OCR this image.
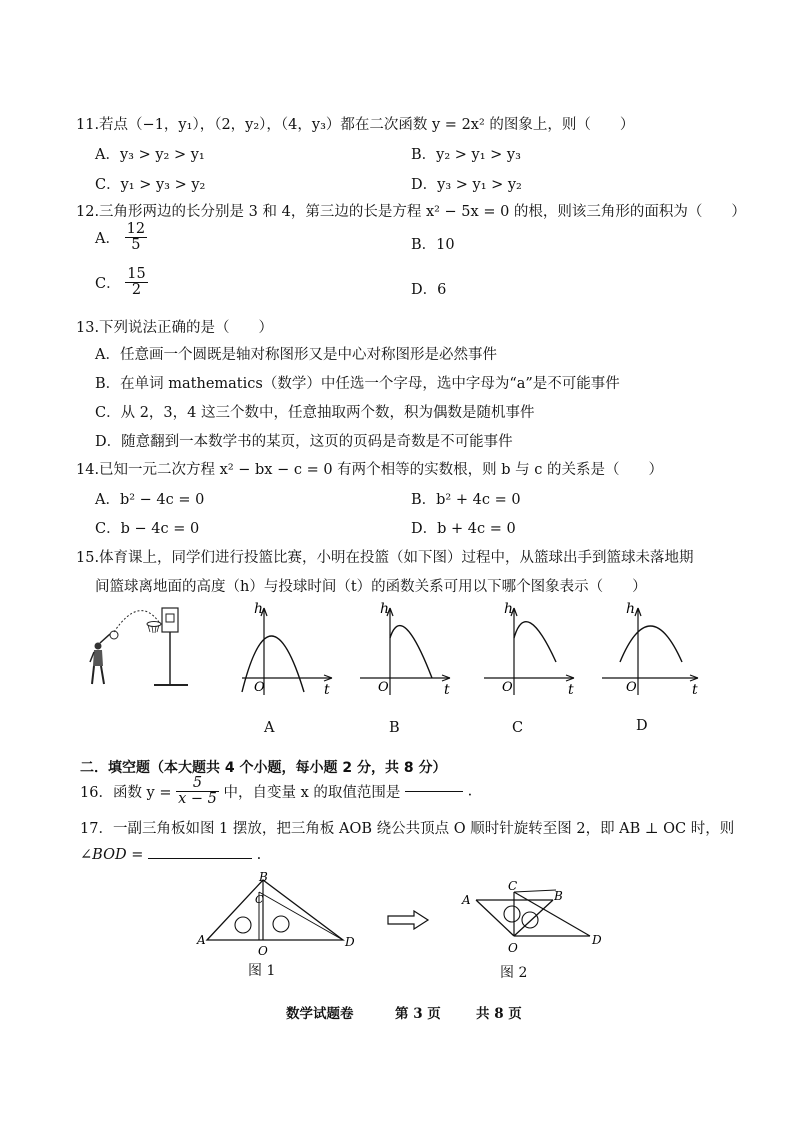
11.若点（−1，y₁），（2，y₂），（4，y₃）都在二次函数 y = 2x² 的图象上，则（　　）
A．y₃ > y₂ > y₁	B．y₂ > y₁ > y₃
C．y₁ > y₃ > y₂	D．y₃ > y₁ > y₂
12.三角形两边的长分别是 3 和 4，第三边的长是方程 x² − 5x = 0 的根，则该三角形的面积为（　　）
A． $\frac{12}{5}$	B．10
C． $\frac{15}{2}$	D．6
13.下列说法正确的是（　　）
A．任意画一个圆既是轴对称图形又是中心对称图形是必然事件
B．在单词 mathematics（数学）中任选一个字母，选中字母为“a”是不可能事件
C．从 2，3，4 这三个数中，任意抽取两个数，积为偶数是随机事件
D．随意翻到一本数学书的某页，这页的页码是奇数是不可能事件
14.已知一元二次方程 x² − bx − c = 0 有两个相等的实数根，则 b 与 c 的关系是（　　）
A．b² − 4c = 0	B．b² + 4c = 0
C．b − 4c = 0	D．b + 4c = 0
15.体育课上，同学们进行投篮比赛，小明在投篮（如下图）过程中，从篮球出手到篮球未落地期
间篮球离地面的高度（h）与投球时间（t）的函数关系可用以下哪个图象表示（　　）
h
t
O
A
h
t
O
B
h
t
O
C
h
t
O
D
二．填空题（本大题共 4 个小题，每小题 2 分，共 8 分）
16．函数 $y = \frac{5}{x - 5}$ 中，自变量 x 的取值范围是	.
17．一副三角板如图 1 摆放，把三角板 AOB 绕公共顶点 O 顺时针旋转至图 2，即 AB ⊥ OC 时，则
∠BOD =	.
A
B
C
O
D
图 1
A	B
C
O
D
图 2
数学试题卷	第 3 页	共 8 页
